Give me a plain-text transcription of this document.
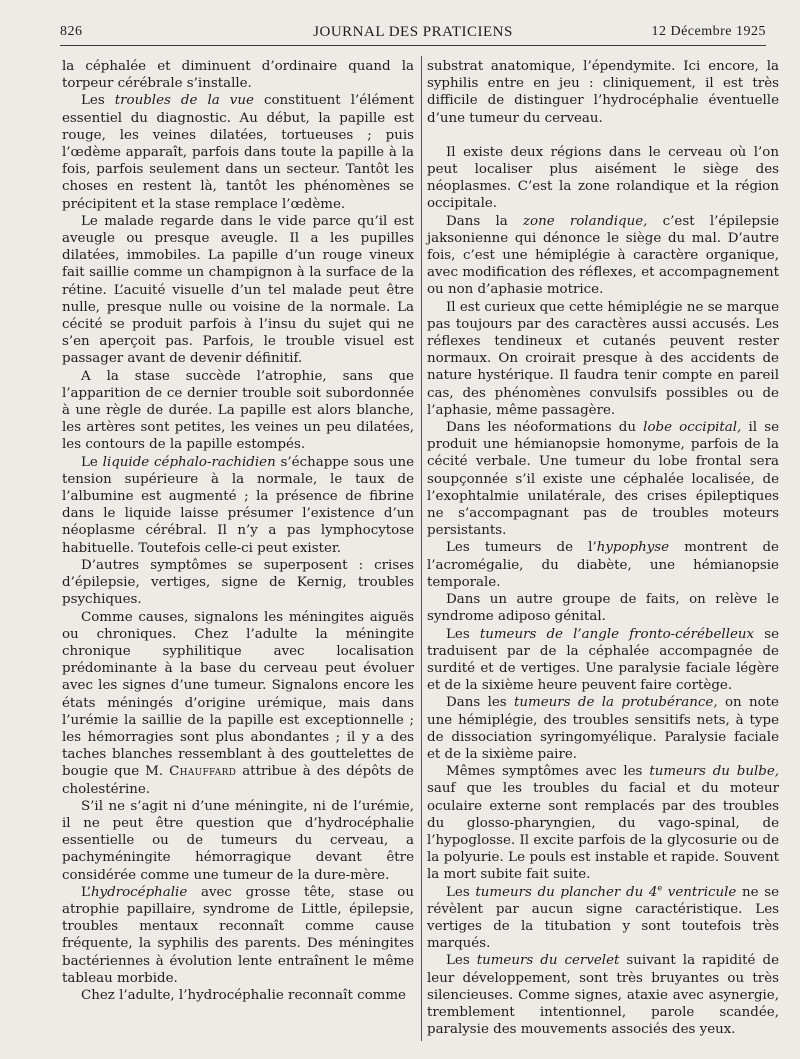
826	JOURNAL DES PRATICIENS	12 Décembre 1925

la céphalée et diminuent d’ordinaire quand la torpeur cérébrale s’installe.

Les troubles de la vue constituent l’élément essentiel du diagnostic. Au début, la papille est rouge, les veines dilatées, tortueuses ; puis l’œdème apparaît, parfois dans toute la papille à la fois, parfois seulement dans un secteur. Tantôt les choses en restent là, tantôt les phénomènes se précipitent et la stase remplace l’œdème.

Le malade regarde dans le vide parce qu’il est aveugle ou presque aveugle. Il a les pupilles dilatées, immobiles. La papille d’un rouge vineux fait saillie comme un champignon à la surface de la rétine. L’acuité visuelle d’un tel malade peut être nulle, presque nulle ou voisine de la normale. La cécité se produit parfois à l’insu du sujet qui ne s’en aperçoit pas. Parfois, le trouble visuel est passager avant de devenir définitif.

A la stase succède l’atrophie, sans que l’apparition de ce dernier trouble soit subordonnée à une règle de durée. La papille est alors blanche, les artères sont petites, les veines un peu dilatées, les contours de la papille estompés.

Le liquide céphalo-rachidien s’échappe sous une tension supérieure à la normale, le taux de l’albumine est augmenté ; la présence de fibrine dans le liquide laisse présumer l’existence d’un néoplasme cérébral. Il n’y a pas lymphocytose habituelle. Toutefois celle-ci peut exister.

D’autres symptômes se superposent : crises d’épilepsie, vertiges, signe de Kernig, troubles psychiques.

Comme causes, signalons les méningites aiguës ou chroniques. Chez l’adulte la méningite chronique syphilitique avec localisation prédominante à la base du cerveau peut évoluer avec les signes d’une tumeur. Signalons encore les états méningés d’origine urémique, mais dans l’urémie la saillie de la papille est exceptionnelle ; les hémorragies sont plus abondantes ; il y a des taches blanches ressemblant à des gouttelettes de bougie que M. Chauffard attribue à des dépôts de cholestérine.

S’il ne s’agit ni d’une méningite, ni de l’urémie, il ne peut être question que d’hydrocéphalie essentielle ou de tumeurs du cerveau, a pachyméningite hémorragique devant être considérée comme une tumeur de la dure-mère.

L’hydrocéphalie avec grosse tête, stase ou atrophie papillaire, syndrome de Little, épilepsie, troubles mentaux reconnaît comme cause fréquente, la syphilis des parents. Des méningites bactériennes à évolution lente entraînent le même tableau morbide.

Chez l’adulte, l’hydrocéphalie reconnaît comme

substrat anatomique, l’épendymite. Ici encore, la syphilis entre en jeu : cliniquement, il est très difficile de distinguer l’hydrocéphalie éventuelle d’une tumeur du cerveau.

Il existe deux régions dans le cerveau où l’on peut localiser plus aisément le siège des néoplasmes. C’est la zone rolandique et la région occipitale.

Dans la zone rolandique, c’est l’épilepsie jaksonienne qui dénonce le siège du mal. D’autre fois, c’est une hémiplégie à caractère organique, avec modification des réflexes, et accompagnement ou non d’aphasie motrice.

Il est curieux que cette hémiplégie ne se marque pas toujours par des caractères aussi accusés. Les réflexes tendineux et cutanés peuvent rester normaux. On croirait presque à des accidents de nature hystérique. Il faudra tenir compte en pareil cas, des phénomènes convulsifs possibles ou de l’aphasie, même passagère.

Dans les néoformations du lobe occipital, il se produit une hémianopsie homonyme, parfois de la cécité verbale. Une tumeur du lobe frontal sera soupçonnée s’il existe une céphalée localisée, de l’exophtalmie unilatérale, des crises épileptiques ne s’accompagnant pas de troubles moteurs persistants.

Les tumeurs de l’hypophyse montrent de l’acromégalie, du diabète, une hémianopsie temporale.

Dans un autre groupe de faits, on relève le syndrome adiposo génital.

Les tumeurs de l’angle fronto-cérébelleux se traduisent par de la céphalée accompagnée de surdité et de vertiges. Une paralysie faciale légère et de la sixième heure peuvent faire cortège.

Dans les tumeurs de la protubérance, on note une hémiplégie, des troubles sensitifs nets, à type de dissociation syringomyélique. Paralysie faciale et de la sixième paire.

Mêmes symptômes avec les tumeurs du bulbe, sauf que les troubles du facial et du moteur oculaire externe sont remplacés par des troubles du glosso-pharyngien, du vago-spinal, de l’hypoglosse. Il excite parfois de la glycosurie ou de la polyurie. Le pouls est instable et rapide. Souvent la mort subite fait suite.

Les tumeurs du plancher du 4e ventricule ne se révèlent par aucun signe caractéristique. Les vertiges de la titubation y sont toutefois très marqués.

Les tumeurs du cervelet suivant la rapidité de leur développement, sont très bruyantes ou très silencieuses. Comme signes, ataxie avec asynergie, tremblement intentionnel, parole scandée, paralysie des mouvements associés des yeux.
